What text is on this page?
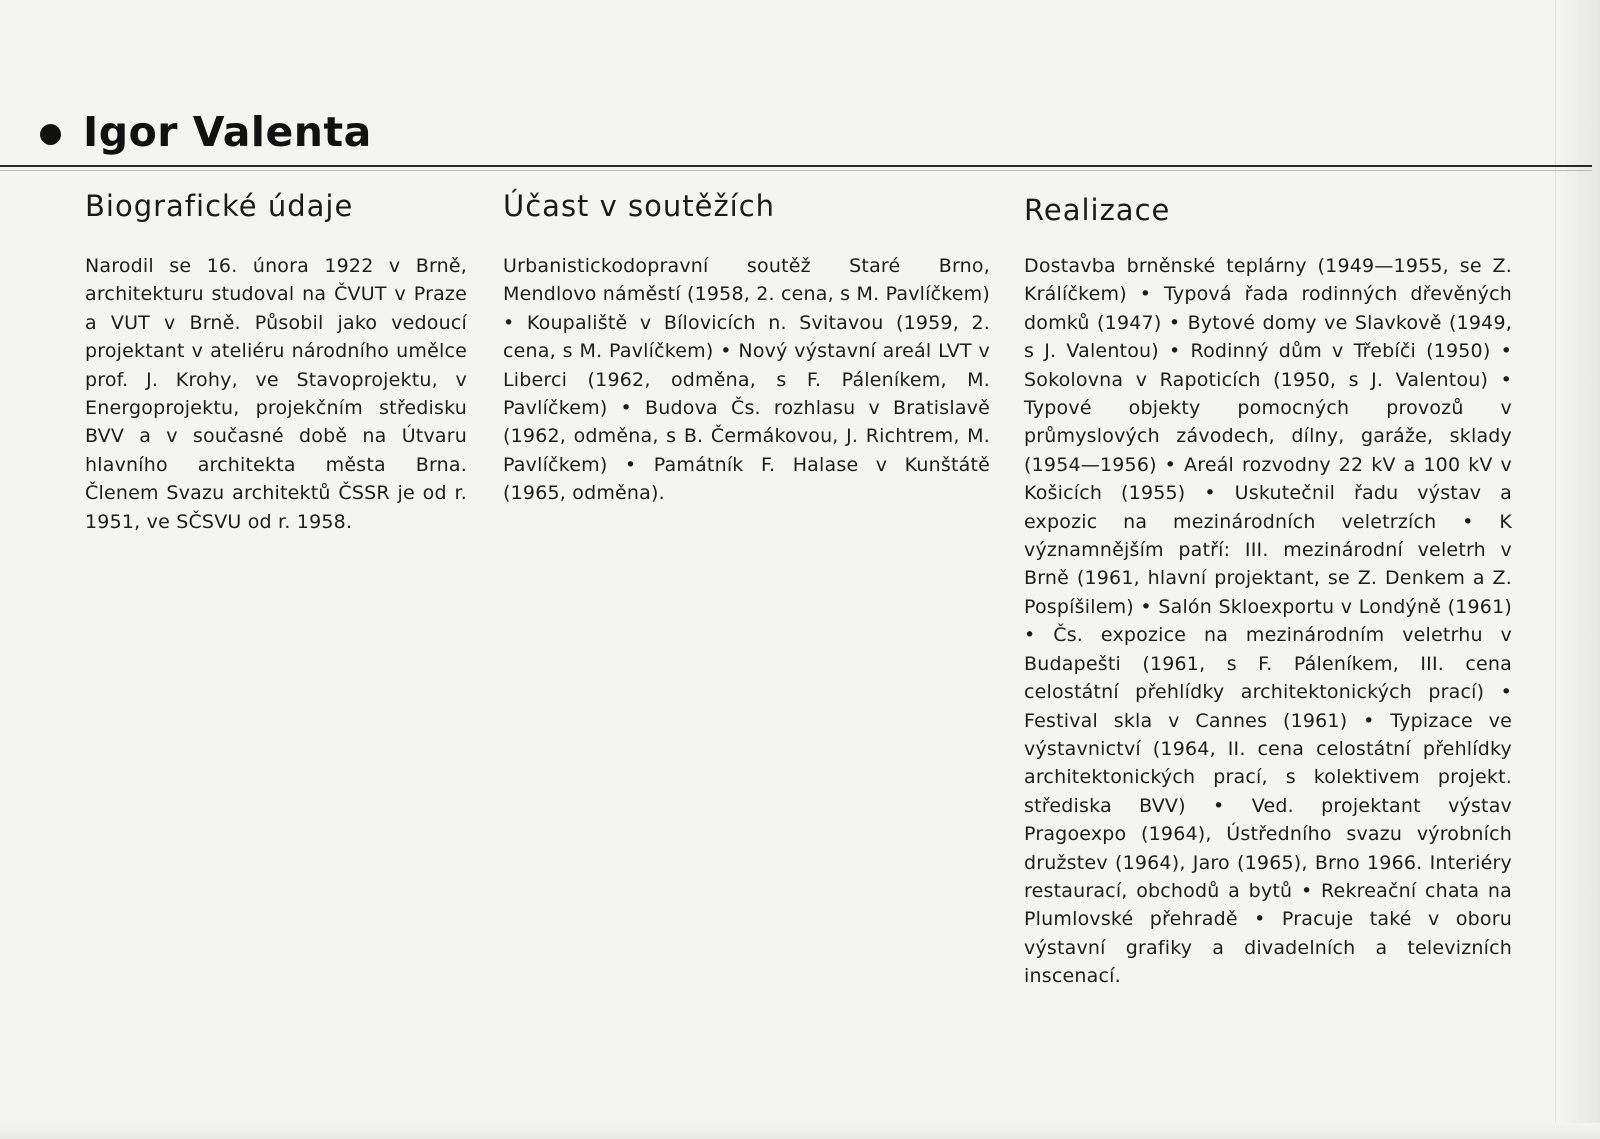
Igor Valenta
Biografické údaje

Narodil se 16. února 1922 v Brně, architekturu studoval na ČVUT v Praze a VUT v Brně. Působil jako vedoucí projektant v ateliéru národního umělce prof. J. Krohy, ve Stavoprojektu, v Energoprojektu, projekčním středisku BVV a v současné době na Útvaru hlavního architekta města Brna. Členem Svazu architektů ČSSR je od r. 1951, ve SČSVU od r. 1958.

Účast v soutěžích

Urbanistickodopravní soutěž Staré Brno, Mendlovo náměstí (1958, 2. cena, s M. Pavlíčkem) • Koupaliště v Bílovicích n. Svitavou (1959, 2. cena, s M. Pavlíčkem) • Nový výstavní areál LVT v Liberci (1962, odměna, s F. Páleníkem, M. Pavlíčkem) • Budova Čs. rozhlasu v Bratislavě (1962, odměna, s B. Čermákovou, J. Richtrem, M. Pavlíčkem) • Památník F. Halase v Kunštátě (1965, odměna).

Realizace

Dostavba brněnské teplárny (1949—1955, se Z. Králíčkem) • Typová řada rodinných dřevěných domků (1947) • Bytové domy ve Slavkově (1949, s J. Valentou) • Rodinný dům v Třebíči (1950) • Sokolovna v Rapoticích (1950, s J. Valentou) • Typové objekty pomocných provozů v průmyslových závodech, dílny, garáže, sklady (1954—1956) • Areál rozvodny 22 kV a 100 kV v Košicích (1955) • Uskutečnil řadu výstav a expozic na mezinárodních veletrzích • K významnějším patří: III. mezinárodní veletrh v Brně (1961, hlavní projektant, se Z. Denkem a Z. Pospíšilem) • Salón Skloexportu v Londýně (1961) • Čs. expozice na mezinárodním veletrhu v Budapešti (1961, s F. Páleníkem, III. cena celostátní přehlídky architektonických prací) • Festival skla v Cannes (1961) • Typizace ve výstavnictví (1964, II. cena celostátní přehlídky architektonických prací, s kolektivem projekt. střediska BVV) • Ved. projektant výstav Pragoexpo (1964), Ústředního svazu výrobních družstev (1964), Jaro (1965), Brno 1966. Interiéry restaurací, obchodů a bytů • Rekreační chata na Plumlovské přehradě • Pracuje také v oboru výstavní grafiky a divadelních a televizních inscenací.
